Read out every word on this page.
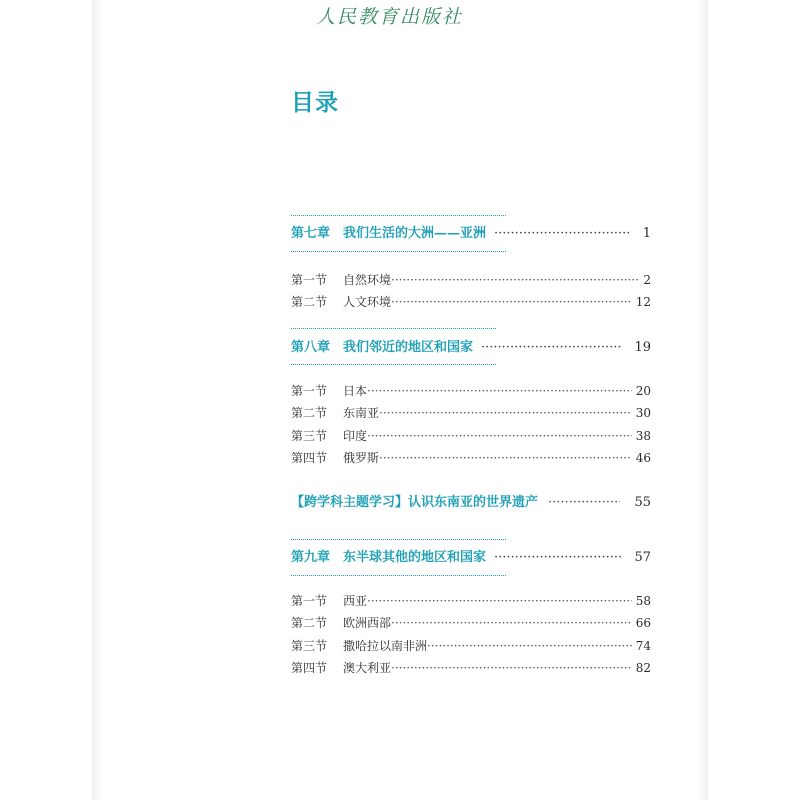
人民教育出版社
目录
第七章　我们生活的大洲——亚洲 ·····	1
第一节	自然环境 ·····	2
第二节	人文环境 ·····	12
第八章　我们邻近的地区和国家 ·····	19
第一节	日本 ·····	20
第二节	东南亚 ·····	30
第三节	印度 ·····	38
第四节	俄罗斯 ·····	46
【跨学科主题学习】 认识东南亚的世界遗产 ·····	55
第九章　东半球其他的地区和国家 ·····	57
第一节	西亚 ·····	58
第二节	欧洲西部 ·····	66
第三节	撒哈拉以南非洲 ·····	74
第四节	澳大利亚 ·····	82
